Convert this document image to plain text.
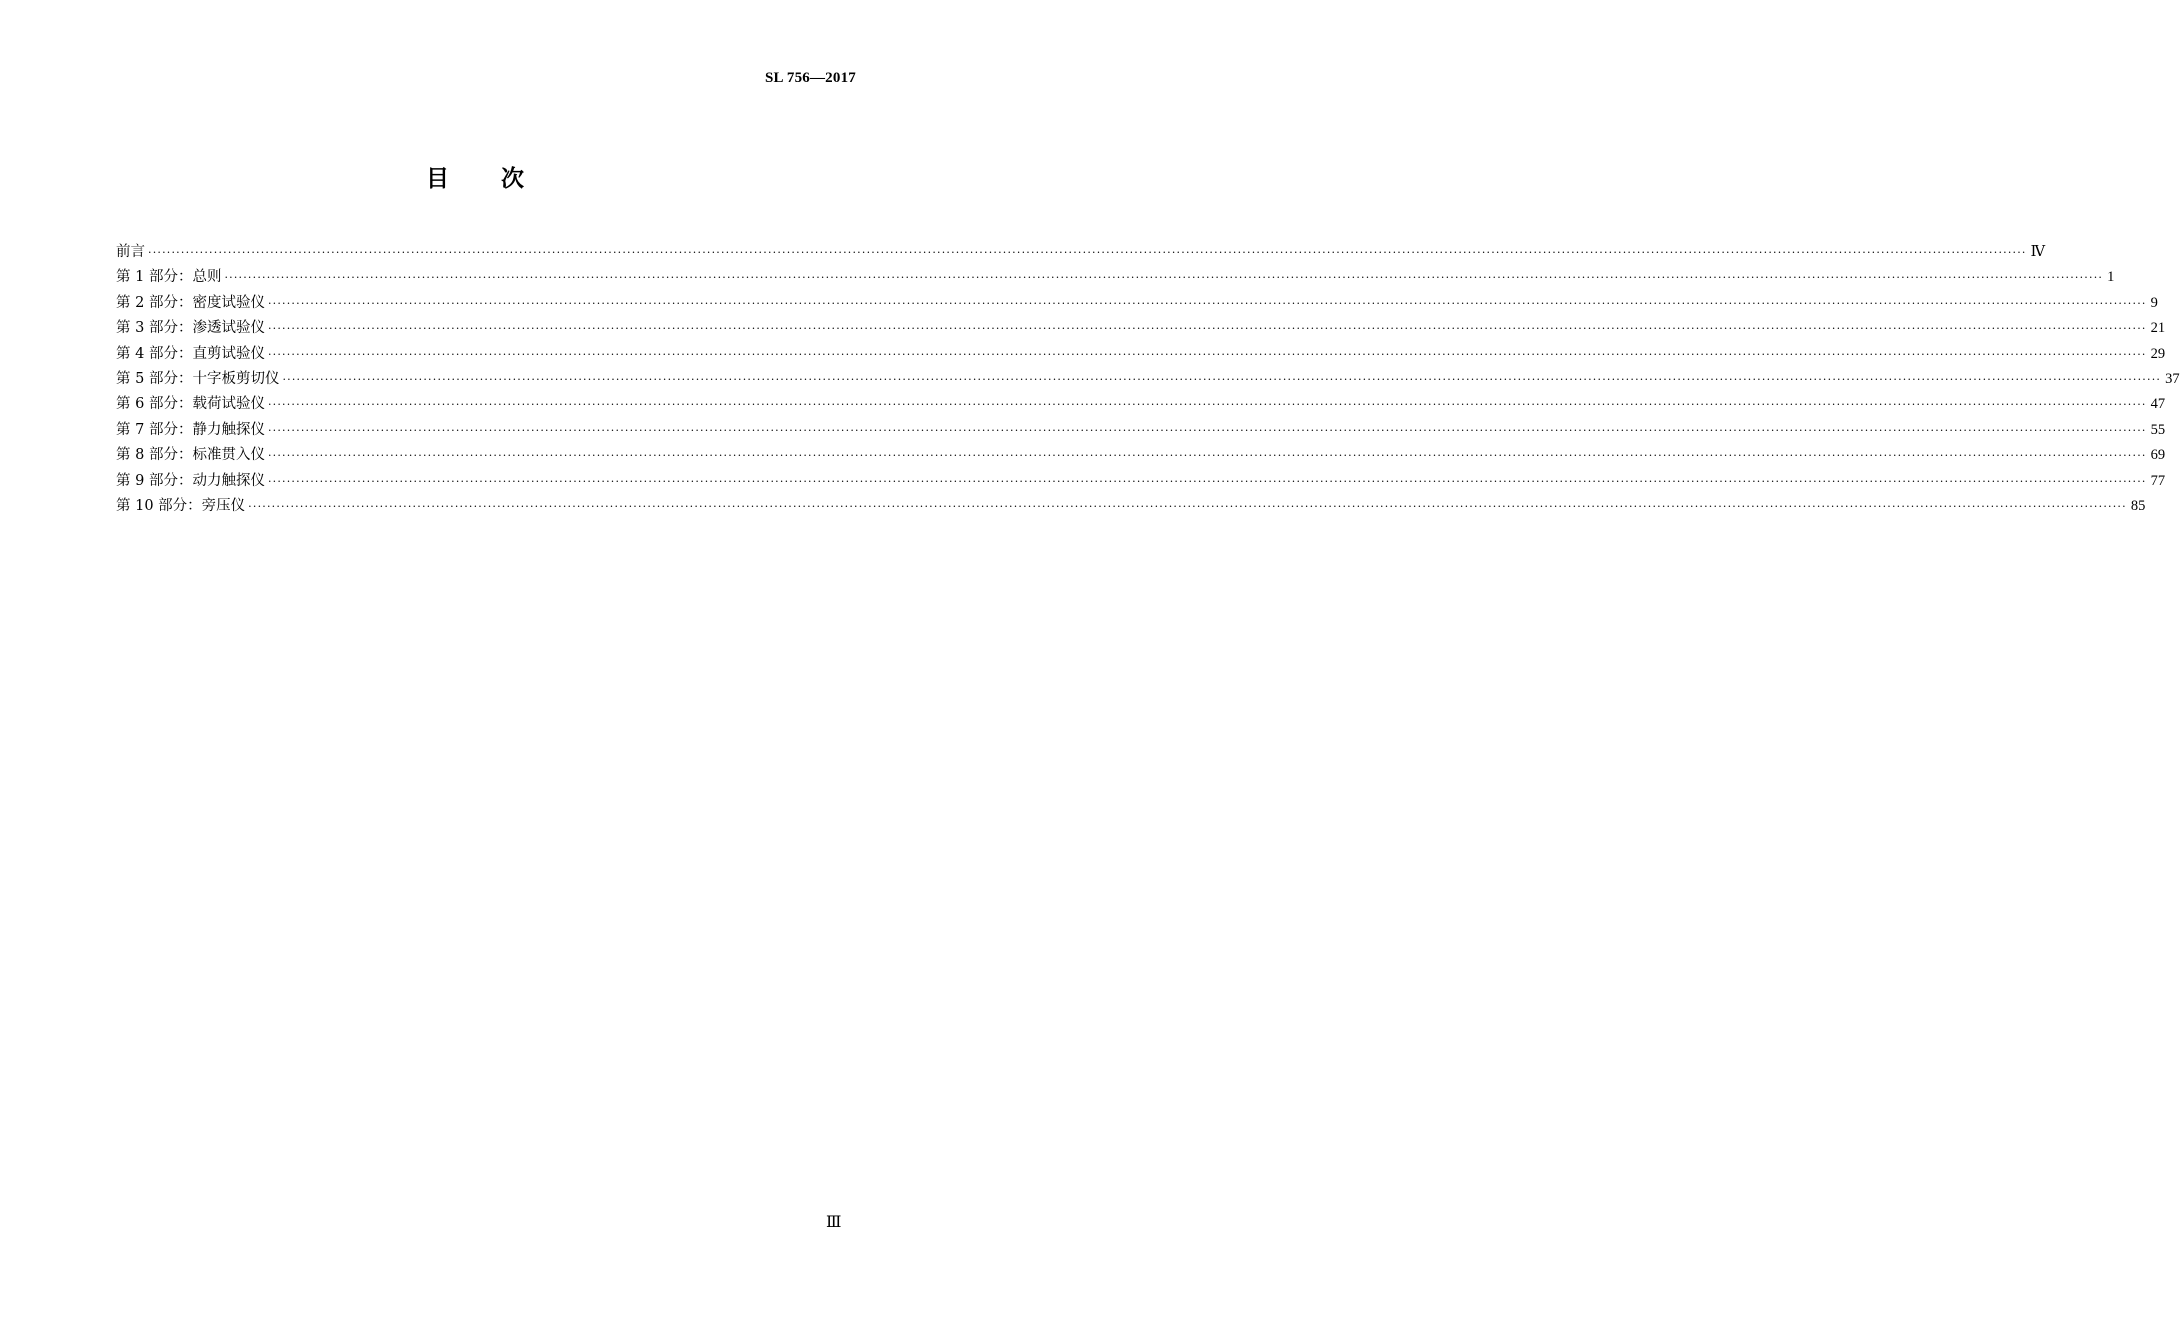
SL 756—2017
目次
前言 ················································································································································································································································································································································································································ Ⅳ
第 1 部分：总则 ················································································································································································································································································································································································································ 1
第 2 部分：密度试验仪 ················································································································································································································································································································································································································ 9
第 3 部分：渗透试验仪 ················································································································································································································································································································································································································ 21
第 4 部分：直剪试验仪 ················································································································································································································································································································································································································ 29
第 5 部分：十字板剪切仪 ················································································································································································································································································································································································································ 37
第 6 部分：载荷试验仪 ················································································································································································································································································································································································································ 47
第 7 部分：静力触探仪 ················································································································································································································································································································································································································ 55
第 8 部分：标准贯入仪 ················································································································································································································································································································································································································ 69
第 9 部分：动力触探仪 ················································································································································································································································································································································································································ 77
第 10 部分：旁压仪 ················································································································································································································································································································································································································ 85
Ⅲ
